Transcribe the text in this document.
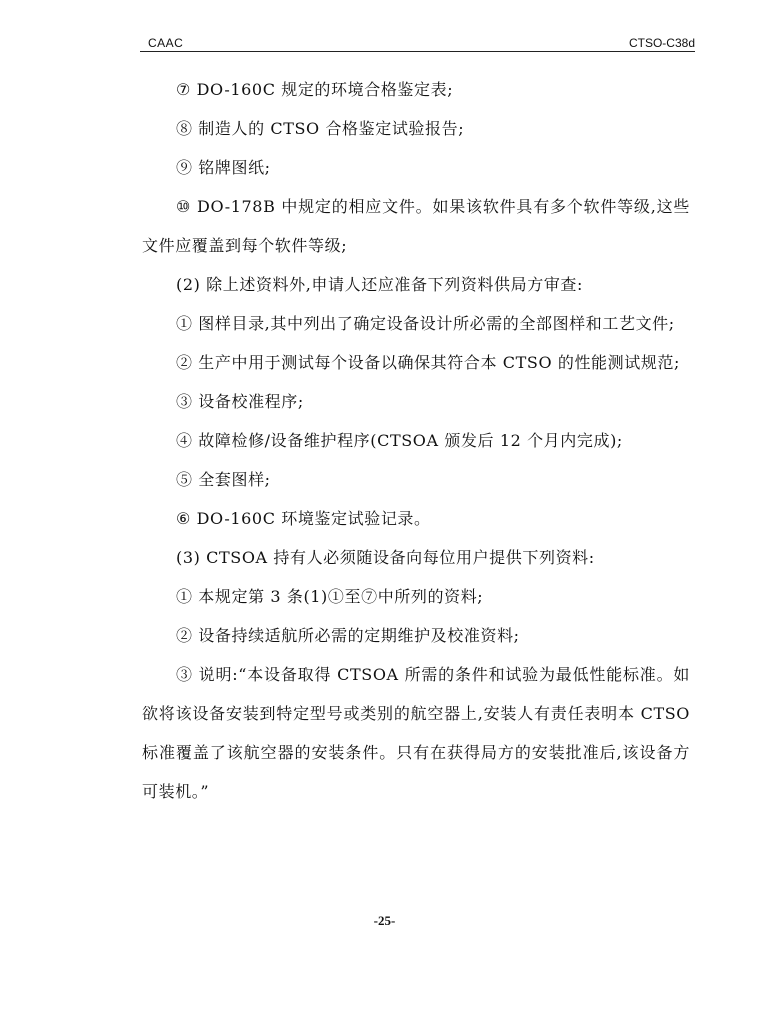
CAAC	CTSO-C38d

⑦ DO-160C 规定的环境合格鉴定表;

⑧ 制造人的 CTSO 合格鉴定试验报告;

⑨ 铭牌图纸;

⑩ DO-178B 中规定的相应文件。如果该软件具有多个软件等级,这些文件应覆盖到每个软件等级;

(2) 除上述资料外,申请人还应准备下列资料供局方审查:

① 图样目录,其中列出了确定设备设计所必需的全部图样和工艺文件;

② 生产中用于测试每个设备以确保其符合本 CTSO 的性能测试规范;

③ 设备校准程序;

④ 故障检修/设备维护程序(CTSOA 颁发后 12 个月内完成);

⑤ 全套图样;

⑥ DO-160C 环境鉴定试验记录。

(3) CTSOA 持有人必须随设备向每位用户提供下列资料:

① 本规定第 3 条(1)①至⑦中所列的资料;

② 设备持续适航所必需的定期维护及校准资料;

③ 说明:“本设备取得 CTSOA 所需的条件和试验为最低性能标准。如欲将该设备安装到特定型号或类别的航空器上,安装人有责任表明本 CTSO 标准覆盖了该航空器的安装条件。只有在获得局方的安装批准后,该设备方可装机。”

-25-
